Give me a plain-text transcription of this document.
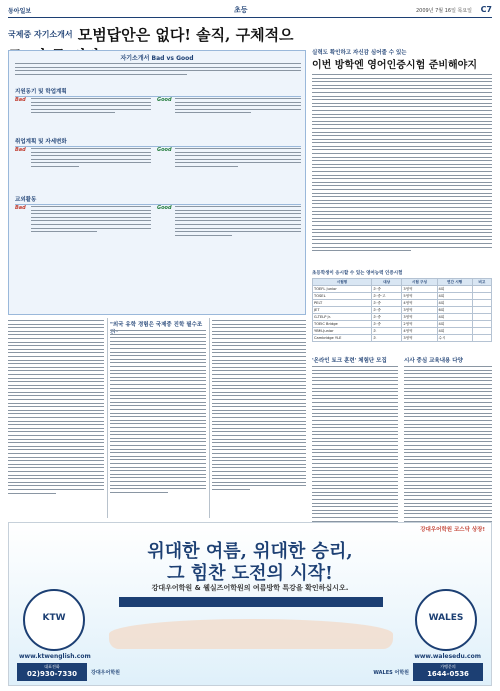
동아일보	초등	2009년 7월 16일 목요일 C7
국제중 자기소개서 모범답안은 없다! 솔직, 구체적으
자기소개서 Bad vs Good
지원동기 및 학업계획
Bad	Good
취업계획 및 자세변화
Bad	Good
교외활동
Bad	Good
"외국 유학 경험은 국제중 진학 필수조
실력도 확인하고 자신감 심어줄 수 있는
이번 방학엔 영어인증시험 준비해야지
초등학생이 응시할 수 있는 영어능력 인증시험
시험명	대상	시험 구성	연간 시행	비고
TOEFL Junior	초·중	3영역	4회	
TOSEL	초·중·고	5영역	4회	
PELT	초·중	4영역	4회	
JET	초·중	3영역	6회	
G-TELP Jr.	초·중	3영역	4회	
TOEIC Bridge	초·중	2영역	4회	
YBM-Junior	초	4영역	4회	
Cambridge YLE	초	3영역	수시	
'온라인 토크 훈련' 체험단 모집	시사 중심 교육내용 다양
강대우어학원 코스닥 상장!
위대한 여름, 위대한 승리,
그 힘찬 도전의 시작!
강대우어학원 & 웰실즈어학원의 여름방학 특강을 확인하십시오.
KTW	WALES
www.ktwenglish.com	www.walesedu.com
대표전화
02)930-7330
가맹문의
1644-0536
강대우어학원	WALES 어학원
